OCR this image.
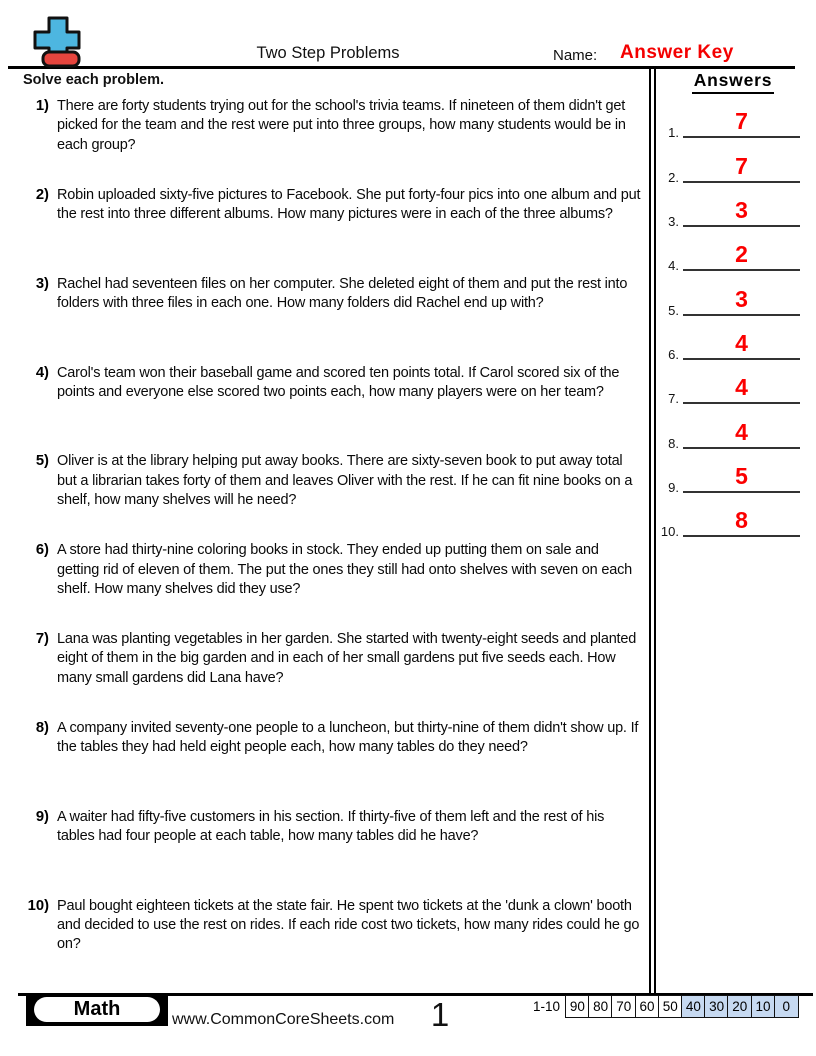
Two Step Problems	Name: Answer Key
Solve each problem.
1) There are forty students trying out for the school's trivia teams. If nineteen of them didn't get picked for the team and the rest were put into three groups, how many students would be in each group?
2) Robin uploaded sixty-five pictures to Facebook. She put forty-four pics into one album and put the rest into three different albums. How many pictures were in each of the three albums?
3) Rachel had seventeen files on her computer. She deleted eight of them and put the rest into folders with three files in each one. How many folders did Rachel end up with?
4) Carol's team won their baseball game and scored ten points total. If Carol scored six of the points and everyone else scored two points each, how many players were on her team?
5) Oliver is at the library helping put away books. There are sixty-seven book to put away total but a librarian takes forty of them and leaves Oliver with the rest. If he can fit nine books on a shelf, how many shelves will he need?
6) A store had thirty-nine coloring books in stock. They ended up putting them on sale and getting rid of eleven of them. The put the ones they still had onto shelves with seven on each shelf. How many shelves did they use?
7) Lana was planting vegetables in her garden. She started with twenty-eight seeds and planted eight of them in the big garden and in each of her small gardens put five seeds each. How many small gardens did Lana have?
8) A company invited seventy-one people to a luncheon, but thirty-nine of them didn't show up. If the tables they had held eight people each, how many tables do they need?
9) A waiter had fifty-five customers in his section. If thirty-five of them left and the rest of his tables had four people at each table, how many tables did he have?
10) Paul bought eighteen tickets at the state fair. He spent two tickets at the 'dunk a clown' booth and decided to use the rest on rides. If each ride cost two tickets, how many rides could he go on?
Answers
1.	7
2.	7
3.	3
4.	2
5.	3
6.	4
7.	4
8.	4
9.	5
10.	8
Math	www.CommonCoreSheets.com	1	1-10 90 80 70 60 50 40 30 20 10 0
